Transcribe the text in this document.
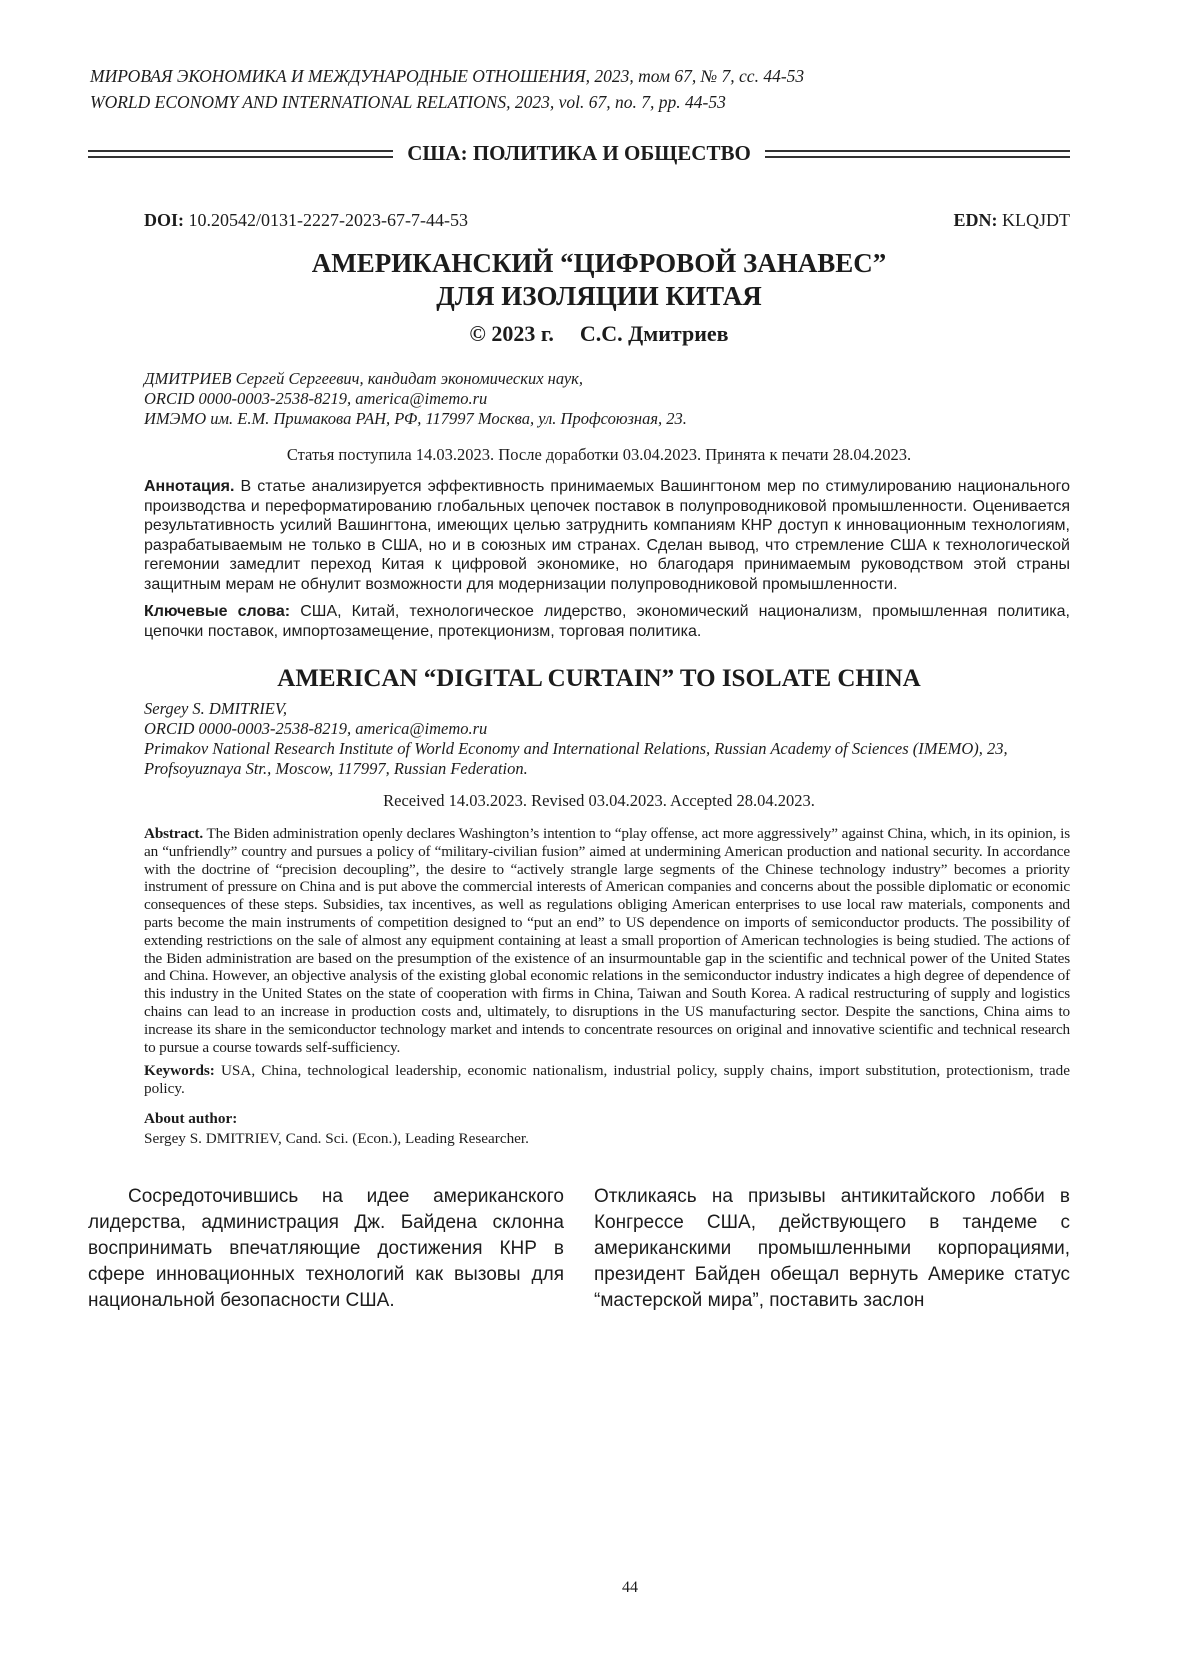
МИРОВАЯ ЭКОНОМИКА И МЕЖДУНАРОДНЫЕ ОТНОШЕНИЯ, 2023, том 67, № 7, сс. 44-53
WORLD ECONOMY AND INTERNATIONAL RELATIONS, 2023, vol. 67, no. 7, pp. 44-53
США: ПОЛИТИКА И ОБЩЕСТВО
DOI: 10.20542/0131-2227-2023-67-7-44-53	EDN: KLQJDT
АМЕРИКАНСКИЙ “ЦИФРОВОЙ ЗАНАВЕС”
ДЛЯ ИЗОЛЯЦИИ КИТАЯ
© 2023 г. С.С. Дмитриев
ДМИТРИЕВ Сергей Сергеевич, кандидат экономических наук,
ORCID 0000-0003-2538-8219, america@imemo.ru
ИМЭМО им. Е.М. Примакова РАН, РФ, 117997 Москва, ул. Профсоюзная, 23.
Статья поступила 14.03.2023. После доработки 03.04.2023. Принята к печати 28.04.2023.
Аннотация. В статье анализируется эффективность принимаемых Вашингтоном мер по стимулированию национального производства и переформатированию глобальных цепочек поставок в полупроводниковой промышленности. Оценивается результативность усилий Вашингтона, имеющих целью затруднить компаниям КНР доступ к инновационным технологиям, разрабатываемым не только в США, но и в союзных им странах. Сделан вывод, что стремление США к технологической гегемонии замедлит переход Китая к цифровой экономике, но благодаря принимаемым руководством этой страны защитным мерам не обнулит возможности для модернизации полупроводниковой промышленности.
Ключевые слова: США, Китай, технологическое лидерство, экономический национализм, промышленная политика, цепочки поставок, импортозамещение, протекционизм, торговая политика.
AMERICAN “DIGITAL CURTAIN” TO ISOLATE CHINA
Sergey S. DMITRIEV,
ORCID 0000-0003-2538-8219, america@imemo.ru
Primakov National Research Institute of World Economy and International Relations, Russian Academy of Sciences (IMEMO), 23, Profsoyuznaya Str., Moscow, 117997, Russian Federation.
Received 14.03.2023. Revised 03.04.2023. Accepted 28.04.2023.
Abstract. The Biden administration openly declares Washington’s intention to “play offense, act more aggressively” against China, which, in its opinion, is an “unfriendly” country and pursues a policy of “military-civilian fusion” aimed at undermining American production and national security. In accordance with the doctrine of “precision decoupling”, the desire to “actively strangle large segments of the Chinese technology industry” becomes a priority instrument of pressure on China and is put above the commercial interests of American companies and concerns about the possible diplomatic or economic consequences of these steps. Subsidies, tax incentives, as well as regulations obliging American enterprises to use local raw materials, components and parts become the main instruments of competition designed to “put an end” to US dependence on imports of semiconductor products. The possibility of extending restrictions on the sale of almost any equipment containing at least a small proportion of American technologies is being studied. The actions of the Biden administration are based on the presumption of the existence of an insurmountable gap in the scientific and technical power of the United States and China. However, an objective analysis of the existing global economic relations in the semiconductor industry indicates a high degree of dependence of this industry in the United States on the state of cooperation with firms in China, Taiwan and South Korea. A radical restructuring of supply and logistics chains can lead to an increase in production costs and, ultimately, to disruptions in the US manufacturing sector. Despite the sanctions, China aims to increase its share in the semiconductor technology market and intends to concentrate resources on original and innovative scientific and technical research to pursue a course towards self-sufficiency.
Keywords: USA, China, technological leadership, economic nationalism, industrial policy, supply chains, import substitution, protectionism, trade policy.
About author:
Sergey S. DMITRIEV, Cand. Sci. (Econ.), Leading Researcher.
Сосредоточившись на идее американского лидерства, администрация Дж. Байдена склонна воспринимать впечатляющие достижения КНР в сфере инновационных технологий как вызовы для национальной безопасности США.
Откликаясь на призывы антикитайского лобби в Конгрессе США, действующего в тандеме с американскими промышленными корпорациями, президент Байден обещал вернуть Америке статус “мастерской мира”, поставить заслон
44
